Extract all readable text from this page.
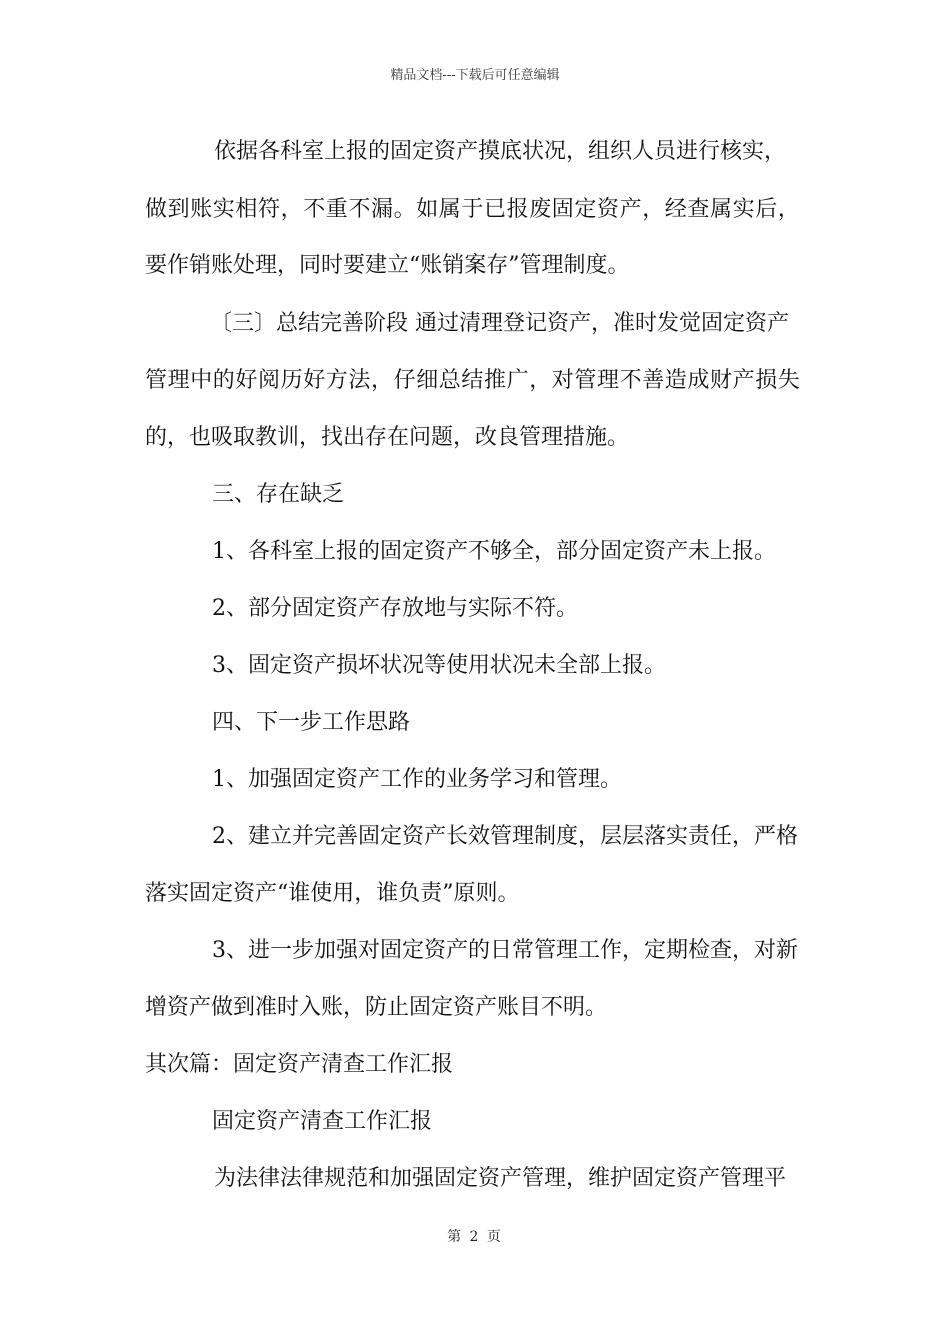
精品文档---下载后可任意编辑
依据各科室上报的固定资产摸底状况，组织人员进行核实，
做到账实相符，不重不漏。如属于已报废固定资产，经查属实后，
要作销账处理，同时要建立“账销案存”管理制度。
〔三〕总结完善阶段 通过清理登记资产，准时发觉固定资产
管理中的好阅历好方法，仔细总结推广，对管理不善造成财产损失
的，也吸取教训，找出存在问题，改良管理措施。
三、存在缺乏
1、各科室上报的固定资产不够全，部分固定资产未上报。
2、部分固定资产存放地与实际不符。
3、固定资产损坏状况等使用状况未全部上报。
四、下一步工作思路
1、加强固定资产工作的业务学习和管理。
2、建立并完善固定资产长效管理制度，层层落实责任，严格
落实固定资产“谁使用，谁负责”原则。
3、进一步加强对固定资产的日常管理工作，定期检查，对新
增资产做到准时入账，防止固定资产账目不明。
其次篇：固定资产清查工作汇报
固定资产清查工作汇报
为法律法律规范和加强固定资产管理，维护固定资产管理平
第 2 页
